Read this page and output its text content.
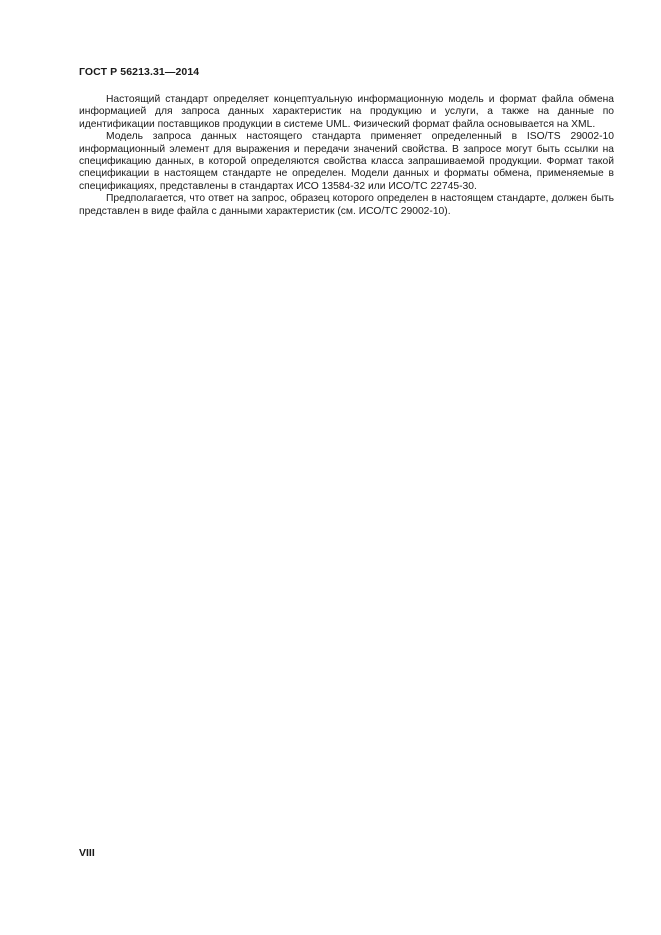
ГОСТ Р 56213.31—2014

Настоящий стандарт определяет концептуальную информационную модель и формат файла обмена информацией для запроса данных характеристик на продукцию и услуги, а также на данные по идентификации поставщиков продукции в системе UML. Физический формат файла основывается на XML.

Модель запроса данных настоящего стандарта применяет определенный в ISO/TS 29002-10 информационный элемент для выражения и передачи значений свойства. В запросе могут быть ссылки на спецификацию данных, в которой определяются свойства класса запрашиваемой продукции. Формат такой спецификации в настоящем стандарте не определен. Модели данных и форматы обмена, применяемые в спецификациях, представлены в стандартах ИСО 13584-32 или ИСО/ТС 22745-30.

Предполагается, что ответ на запрос, образец которого определен в настоящем стандарте, должен быть представлен в виде файла с данными характеристик (см. ИСО/ТС 29002-10).

VIII
